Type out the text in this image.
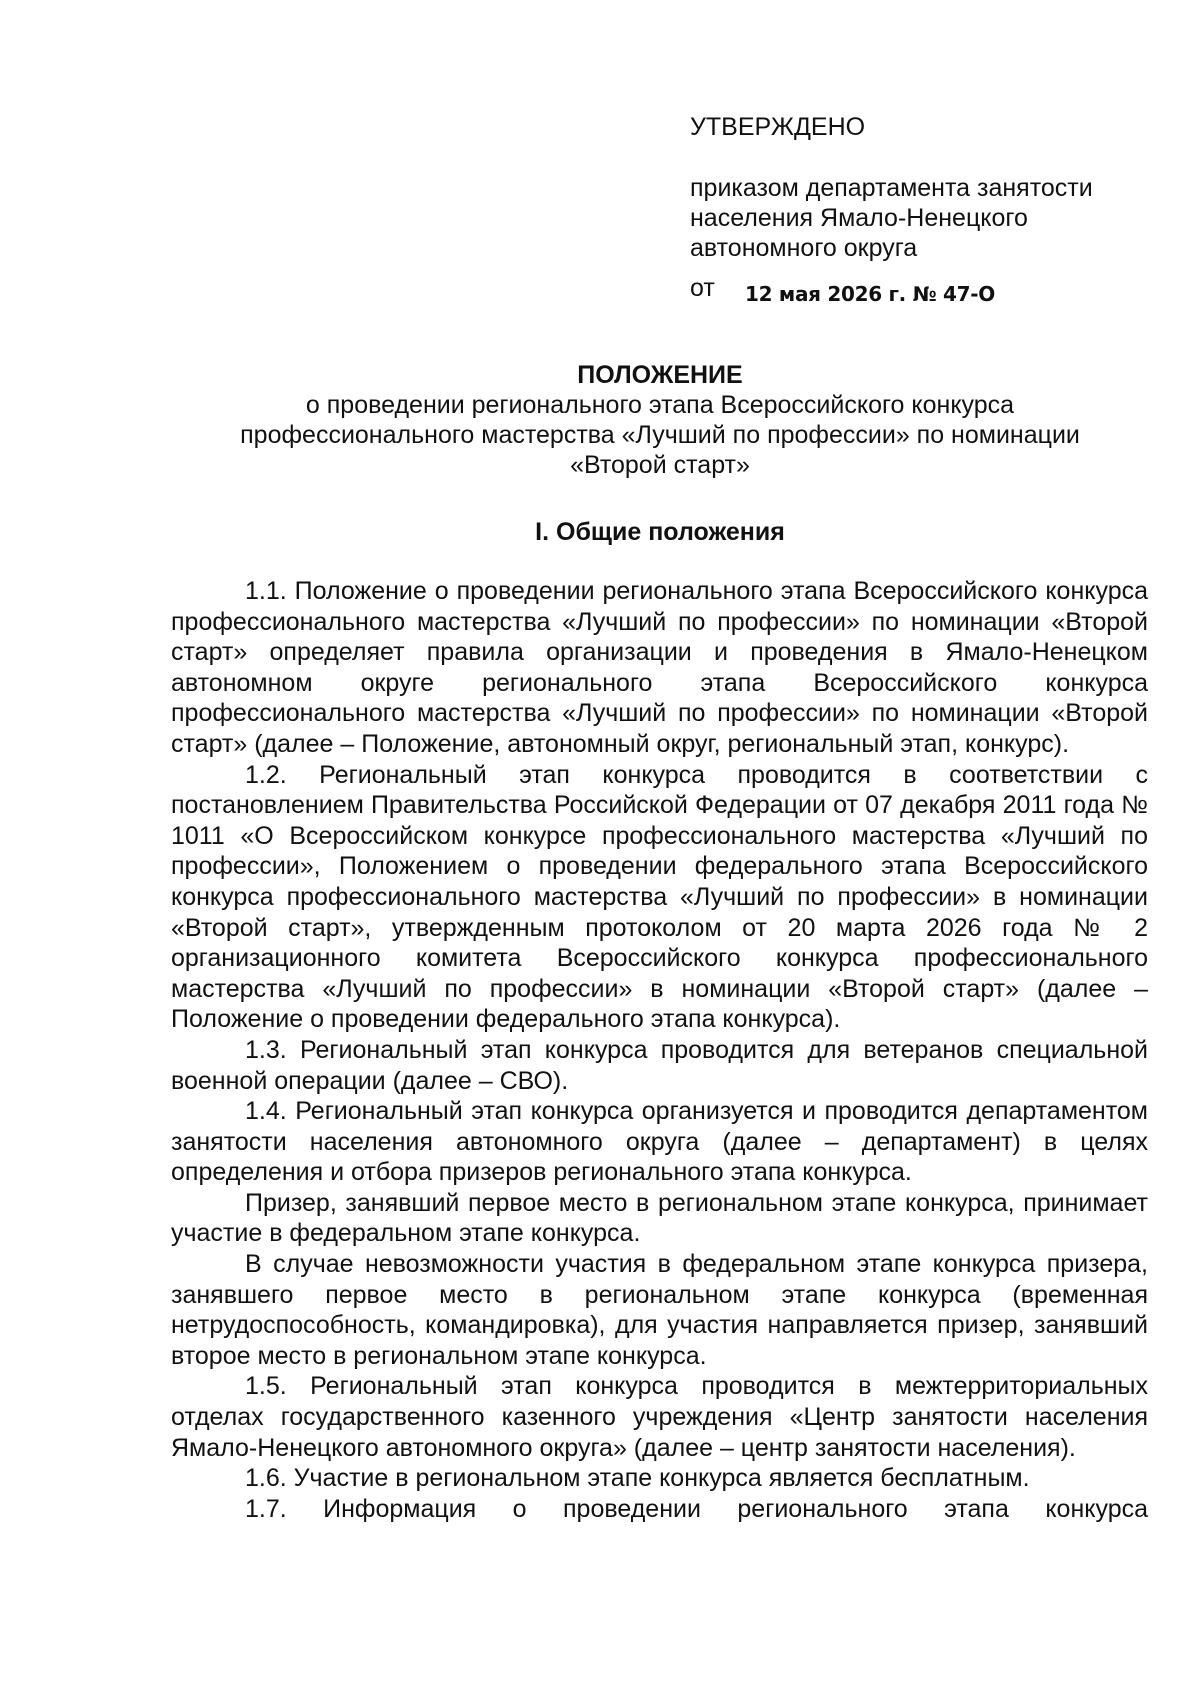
УТВЕРЖДЕНО

приказом департамента занятости

населения Ямало-Ненецкого

автономного округа

от 12 мая 2026 г. № 47-О

ПОЛОЖЕНИЕ

о проведении регионального этапа Всероссийского конкурса

профессионального мастерства «Лучший по профессии» по номинации

«Второй старт»

I. Общие положения

1.1. Положение о проведении регионального этапа Всероссийского конкурса профессионального мастерства «Лучший по профессии» по номинации «Второй старт» определяет правила организации и проведения в Ямало-Ненецком автономном округе регионального этапа Всероссийского конкурса профессионального мастерства «Лучший по профессии» по номинации «Второй старт» (далее – Положение, автономный округ, региональный этап, конкурс).

1.2. Региональный этап конкурса проводится в соответствии с постановлением Правительства Российской Федерации от 07 декабря 2011 года № 1011 «О Всероссийском конкурсе профессионального мастерства «Лучший по профессии», Положением о проведении федерального этапа Всероссийского конкурса профессионального мастерства «Лучший по профессии» в номинации «Второй старт», утвержденным протоколом от 20 марта 2026 года № 2 организационного комитета Всероссийского конкурса профессионального мастерства «Лучший по профессии» в номинации «Второй старт» (далее – Положение о проведении федерального этапа конкурса).

1.3. Региональный этап конкурса проводится для ветеранов специальной военной операции (далее – СВО).

1.4. Региональный этап конкурса организуется и проводится департаментом занятости населения автономного округа (далее – департамент) в целях определения и отбора призеров регионального этапа конкурса.

Призер, занявший первое место в региональном этапе конкурса, принимает участие в федеральном этапе конкурса.

В случае невозможности участия в федеральном этапе конкурса призера, занявшего первое место в региональном этапе конкурса (временная нетрудоспособность, командировка), для участия направляется призер, занявший второе место в региональном этапе конкурса.

1.5. Региональный этап конкурса проводится в межтерриториальных отделах государственного казенного учреждения «Центр занятости населения Ямало-Ненецкого автономного округа» (далее – центр занятости населения).

1.6. Участие в региональном этапе конкурса является бесплатным.

1.7. Информация о проведении регионального этапа конкурса
